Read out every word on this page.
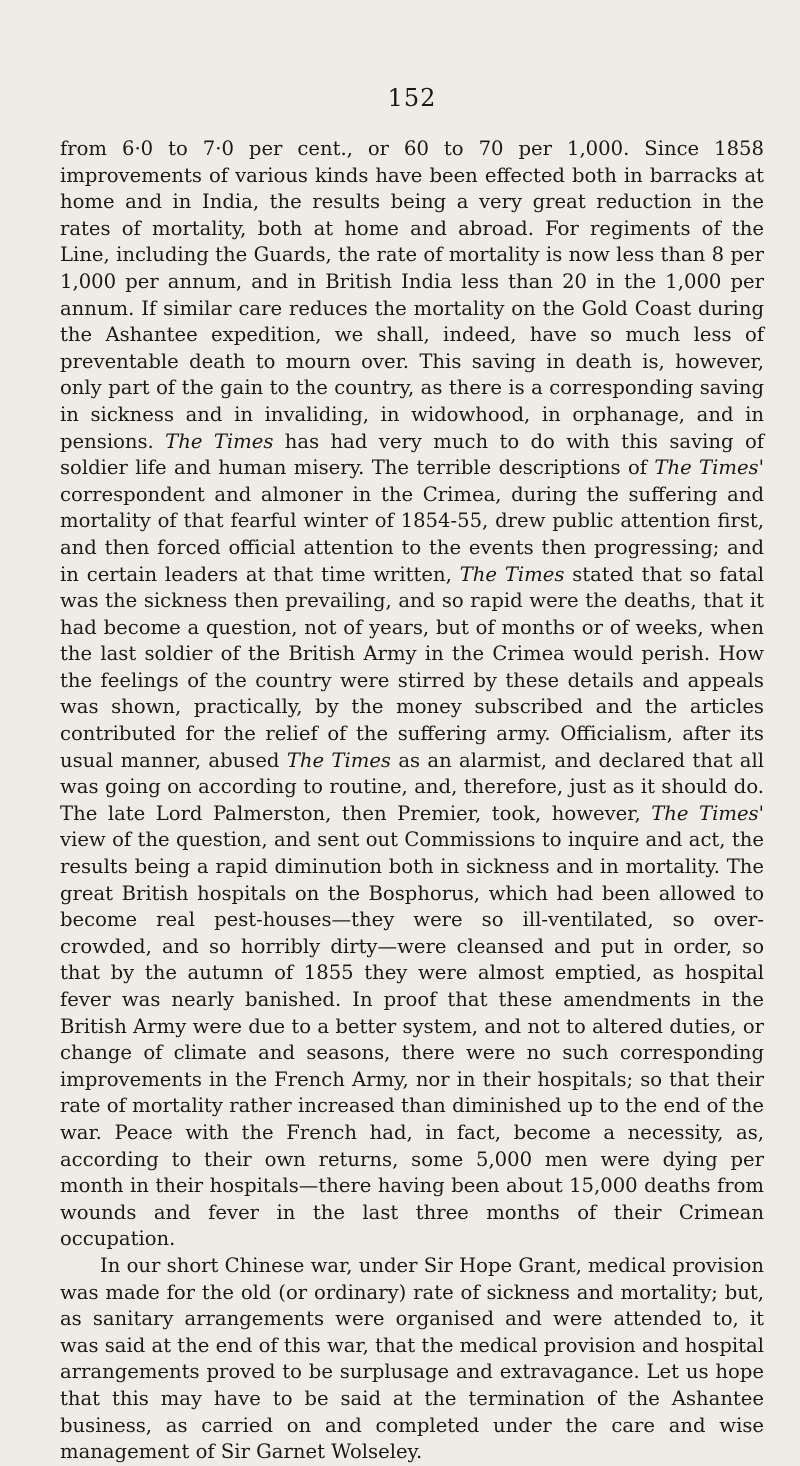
152

from 6·0 to 7·0 per cent., or 60 to 70 per 1,000. Since 1858 improvements of various kinds have been effected both in barracks at home and in India, the results being a very great reduction in the rates of mortality, both at home and abroad. For regiments of the Line, including the Guards, the rate of mortality is now less than 8 per 1,000 per annum, and in British India less than 20 in the 1,000 per annum. If similar care reduces the mortality on the Gold Coast during the Ashantee expedition, we shall, indeed, have so much less of preventable death to mourn over. This saving in death is, however, only part of the gain to the country, as there is a corresponding saving in sickness and in invaliding, in widowhood, in orphanage, and in pensions. The Times has had very much to do with this saving of soldier life and human misery. The terrible descriptions of The Times' correspondent and almoner in the Crimea, during the suffering and mortality of that fearful winter of 1854-55, drew public attention first, and then forced official attention to the events then progressing; and in certain leaders at that time written, The Times stated that so fatal was the sickness then prevailing, and so rapid were the deaths, that it had become a question, not of years, but of months or of weeks, when the last soldier of the British Army in the Crimea would perish. How the feelings of the country were stirred by these details and appeals was shown, practically, by the money subscribed and the articles contributed for the relief of the suffering army. Officialism, after its usual manner, abused The Times as an alarmist, and declared that all was going on according to routine, and, therefore, just as it should do. The late Lord Palmerston, then Premier, took, however, The Times' view of the question, and sent out Commissions to inquire and act, the results being a rapid diminution both in sickness and in mortality. The great British hospitals on the Bosphorus, which had been allowed to become real pest-houses—they were so ill-ventilated, so over-crowded, and so horribly dirty—were cleansed and put in order, so that by the autumn of 1855 they were almost emptied, as hospital fever was nearly banished. In proof that these amendments in the British Army were due to a better system, and not to altered duties, or change of climate and seasons, there were no such corresponding improvements in the French Army, nor in their hospitals; so that their rate of mortality rather increased than diminished up to the end of the war. Peace with the French had, in fact, become a necessity, as, according to their own returns, some 5,000 men were dying per month in their hospitals—there having been about 15,000 deaths from wounds and fever in the last three months of their Crimean occupation.

In our short Chinese war, under Sir Hope Grant, medical provision was made for the old (or ordinary) rate of sickness and mortality; but, as sanitary arrangements were organised and were attended to, it was said at the end of this war, that the medical provision and hospital arrangements proved to be surplusage and extravagance. Let us hope that this may have to be said at the termination of the Ashantee business, as carried on and completed under the care and wise management of Sir Garnet Wolseley.
